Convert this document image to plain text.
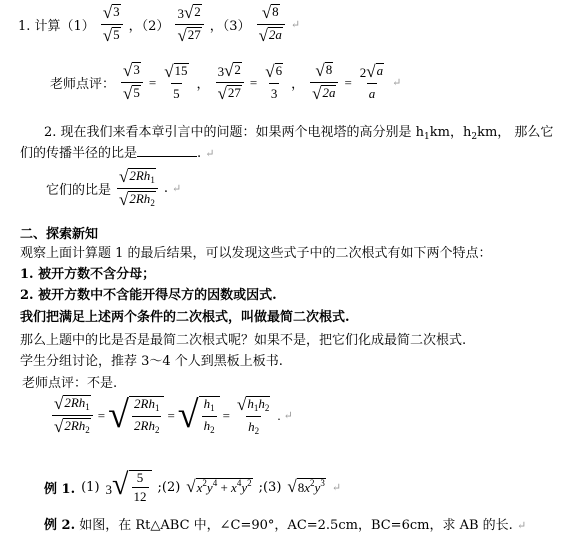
1. 计算$(1) \frac{√ 3}{√ 5}$ ，$(2) \frac{3 √ 2}{√ 27}$ ，$(3) \frac{√ 8}{√ 2a}$ ↵
老师点评： $\frac{√ 3}{√ 5} = \frac{√ 15}{5}$ ， $\frac{3 √ 2}{√ 27} = \frac{√ 6}{3}$ ， $\frac{√ 8}{√ 2a} = \frac{2 √ a}{a}$ ↵
2. 现在我们来看本章引言中的问题：如果两个电视塔的高分别是 $h_1km$，$h_2km$， 那么它
们的传播半径的比是	. ↵
它们的比是 $\frac{√ 2Rh_1}{√ 2Rh_2}$ . ↵
二、探索新知
观察上面计算题 1 的最后结果，可以发现这些式子中的二次根式有如下两个特点：
1. 被开方数不含分母；
2. 被开方数中不含能开得尽方的因数或因式.
我们把满足上述两个条件的二次根式，叫做最简二次根式.
那么上题中的比是否是最简二次根式呢？如果不是，把它们化成最简二次根式.
学生分组讨论，推荐 3～4 个人到黑板上板书.
老师点评：不是.
$\frac{√ 2Rh_1}{√ 2Rh_2}$ = √ $\frac{2Rh_1}{2Rh_2}$ = √ $\frac{h_1}{h_2} = \frac{√ h_1h_2}{h_2}$ . ↵
例 1. (1) 3 √ $\frac{5}{12}$ ;(2) √ $x^2y^4 + x^4y^2$ ;(3) √ $8x^2y^3$ ↵
例 2. 如图，在 Rt△ABC 中，∠C=90°，AC=2.5cm，BC=6cm，求 AB 的长. ↵
